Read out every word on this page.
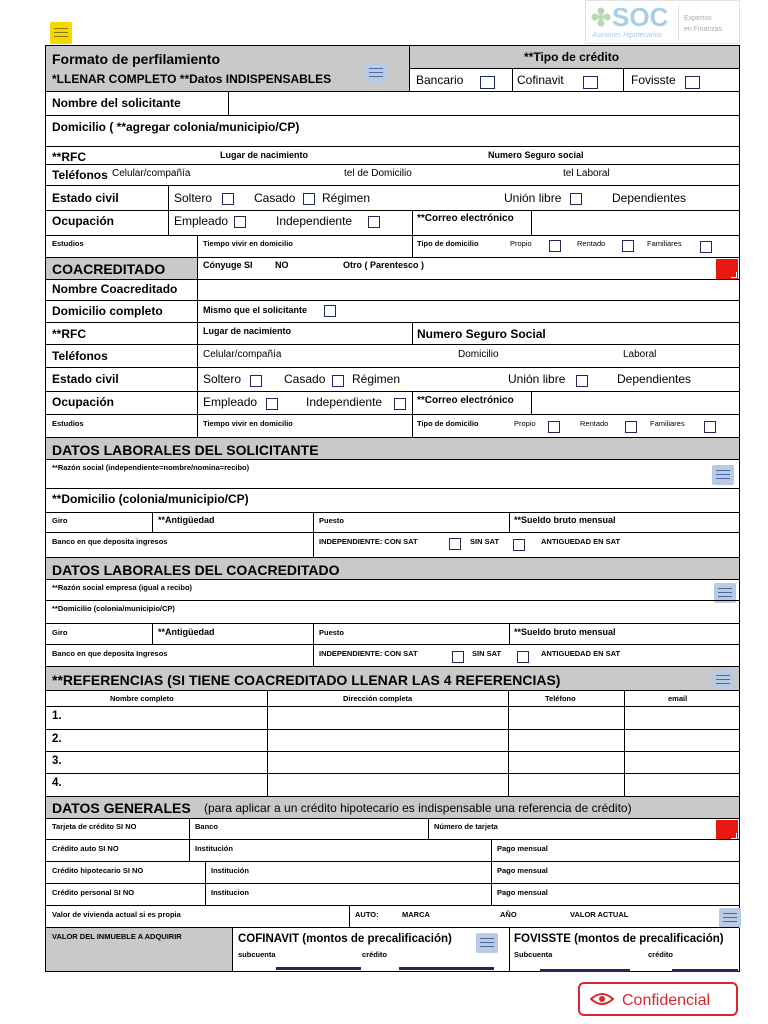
SOC
Asesores Hipotecarios
Expertos
en Finanzas
Formato de perfilamiento
*LLENAR COMPLETO **Datos INDISPENSABLES
**Tipo de crédito
Bancario	Cofinavit	Fovisste
Nombre del solicitante
Domicilio ( **agregar colonia/municipio/CP)
**RFC	Lugar de nacimiento	Numero Seguro social
Teléfonos Celular/compañía	tel de Domicilio	tel Laboral
Estado civil	Soltero	Casado Régimen	Unión libre	Dependientes
Ocupación	Empleado	Independiente	**Correo electrónico
Estudios	Tiempo vivir en domicilio	Tipo de domicilio	Propio	Rentado	Familiares
COACREDITADO	Cónyuge SI NO	Otro ( Parentesco )
Nombre Coacreditado
Domicilio completo	Mismo que el solicitante
**RFC	Lugar de nacimiento	Numero Seguro Social
Teléfonos	Celular/compañía	Domicilio	Laboral
Estado civil	Soltero	Casado Régimen	Unión libre	Dependientes
Ocupación	Empleado	Independiente	**Correo electrónico
Estudios	Tiempo vivir en domicilio	Tipo de domicilio	Propio	Rentado	Familiares
DATOS LABORALES DEL SOLICITANTE
**Razón social (independiente=nombre/nomina=recibo)
**Domicilio (colonia/municipio/CP)
Giro	**Antigüedad	Puesto	**Sueldo bruto mensual
Banco en que deposita ingresos	INDEPENDIENTE: CON SAT	SIN SAT	ANTIGUEDAD EN SAT
DATOS LABORALES DEL COACREDITADO
**Razón social empresa (igual a recibo)
**Domicilio (colonia/municipio/CP)
Giro	**Antigüedad	Puesto	**Sueldo bruto mensual
Banco en que deposita Ingresos	INDEPENDIENTE: CON SAT	SIN SAT	ANTIGUEDAD EN SAT
**REFERENCIAS (SI TIENE COACREDITADO LLENAR LAS 4 REFERENCIAS)
Nombre completo	Dirección completa	Teléfono	email
1.
2.
3.
4.
DATOS GENERALES (para aplicar a un crédito hipotecario es indispensable una referencia de crédito)
Tarjeta de crédito SI NO	Banco	Número de tarjeta
Crédito auto SI NO	Institución	Pago mensual
Crédito hipotecario SI NO	Institución	Pago mensual
Crédito personal SI NO	Institucion	Pago mensual
Valor de vivienda actual si es propia	AUTO:	MARCA	AÑO	VALOR ACTUAL
VALOR DEL INMUEBLE A ADQUIRIR	COFINAVIT (montos de precalificación)	FOVISSTE (montos de precalificación)
subcuenta	crédito	Subcuenta	crédito
Confidencial
